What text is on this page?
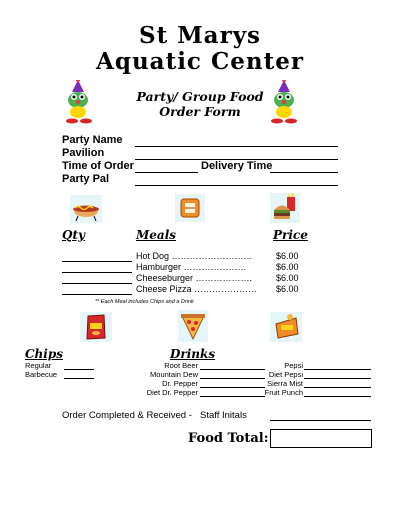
St Marys
Aquatic Center
Party/ Group Food
Order Form
Party Name
Pavilion
Time of Order	Delivery Time
Party Pal
Qty	Meals	Price
Hot Dog ………………………	$6.00
Hamburger …………………	$6.00
Cheeseburger ……………….	$6.00
Cheese Pizza ………………… $6.00
** Each Meal includes Chips and a Drink
Chips
Regular
Barbecue
Drinks
Root Beer
Mountain Dew
Dr. Pepper
Diet Dr. Pepper
Pepsi
Diet Pepsi
Sierra Mist
Fruit Punch
Order Completed & Received - Staff Initals
Food Total:
